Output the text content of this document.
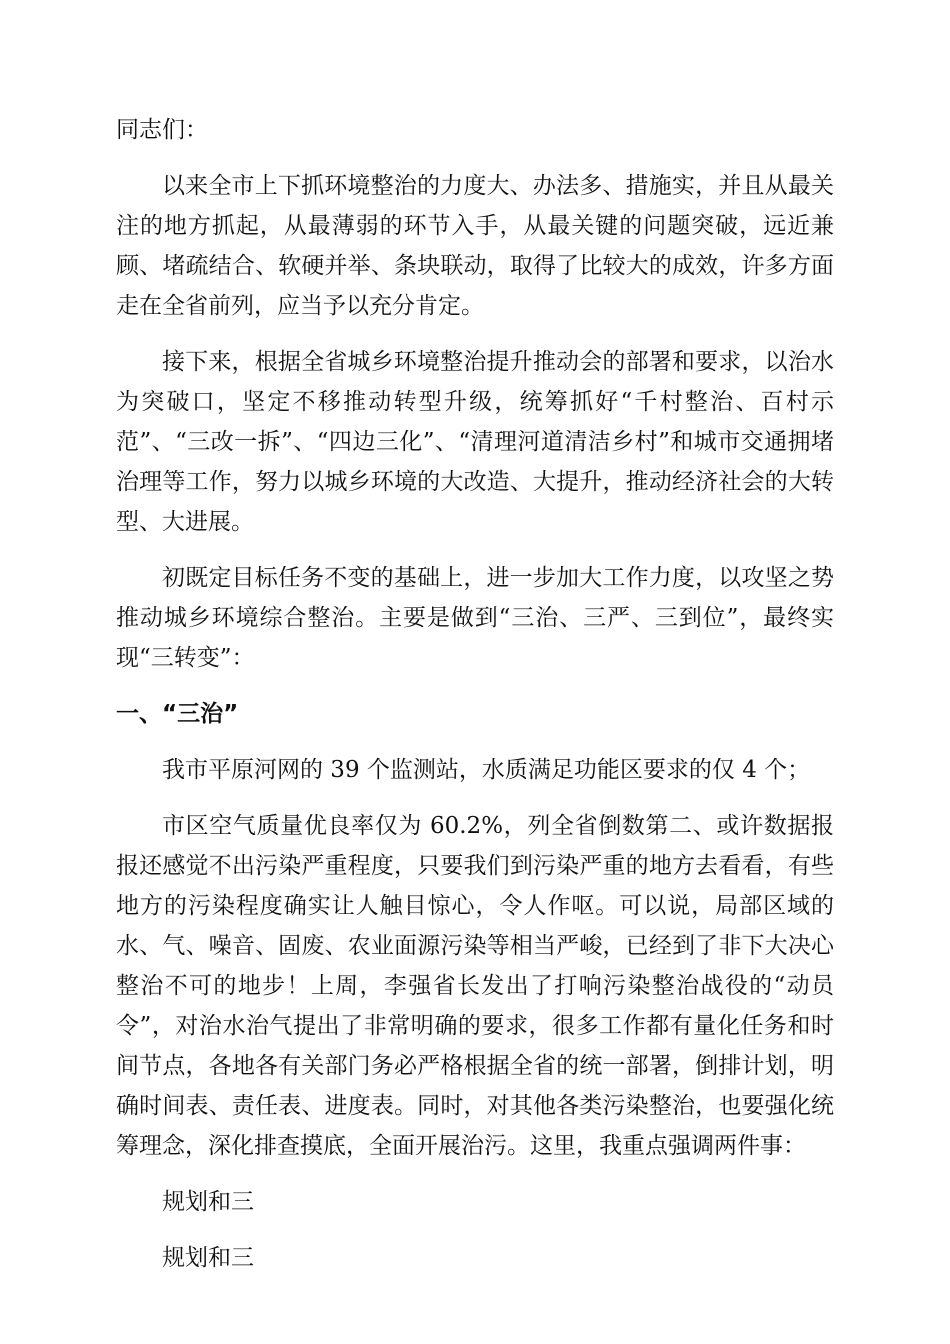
同志们：

以来全市上下抓环境整治的力度大、办法多、措施实，并且从最关注的地方抓起，从最薄弱的环节入手，从最关键的问题突破，远近兼顾、堵疏结合、软硬并举、条块联动，取得了比较大的成效，许多方面走在全省前列，应当予以充分肯定。

接下来，根据全省城乡环境整治提升推动会的部署和要求，以治水为突破口，坚定不移推动转型升级，统筹抓好“千村整治、百村示范”、“三改一拆”、“四边三化”、“清理河道清洁乡村”和城市交通拥堵治理等工作，努力以城乡环境的大改造、大提升，推动经济社会的大转型、大进展。

初既定目标任务不变的基础上，进一步加大工作力度，以攻坚之势推动城乡环境综合整治。主要是做到“三治、三严、三到位”，最终实现“三转变”：

一、“三治”

我市平原河网的 39 个监测站，水质满足功能区要求的仅 4 个；

市区空气质量优良率仅为 60.2%，列全省倒数第二、或许数据报报还感觉不出污染严重程度，只要我们到污染严重的地方去看看，有些地方的污染程度确实让人触目惊心，令人作呕。可以说，局部区域的水、气、噪音、固废、农业面源污染等相当严峻，已经到了非下大决心整治不可的地步！上周，李强省长发出了打响污染整治战役的“动员令”，对治水治气提出了非常明确的要求，很多工作都有量化任务和时间节点，各地各有关部门务必严格根据全省的统一部署，倒排计划，明确时间表、责任表、进度表。同时，对其他各类污染整治，也要强化统筹理念，深化排查摸底，全面开展治污。这里，我重点强调两件事：

规划和三

规划和三
